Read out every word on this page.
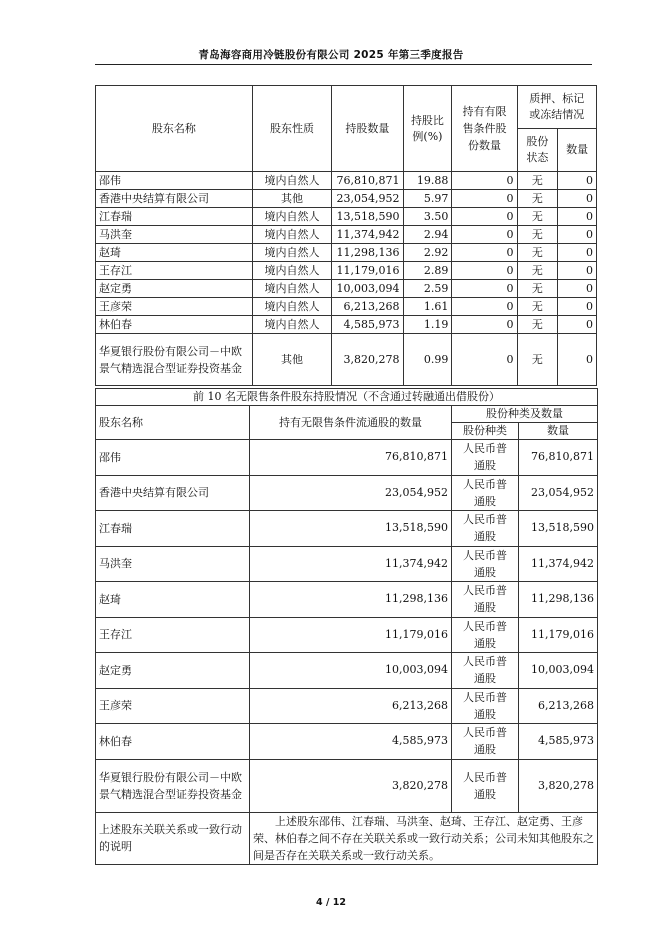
青岛海容商用冷链股份有限公司 2025 年第三季度报告
股东名称	股东性质	持股数量	持股比例(%)	持有有限售条件股份数量	质押、标记或冻结情况	
					股份状态	数量
邵伟	境内自然人	76,810,871	19.88	0	无	0
香港中央结算有限公司	其他	23,054,952	5.97	0	无	0
江春瑞	境内自然人	13,518,590	3.50	0	无	0
马洪奎	境内自然人	11,374,942	2.94	0	无	0
赵琦	境内自然人	11,298,136	2.92	0	无	0
王存江	境内自然人	11,179,016	2.89	0	无	0
赵定勇	境内自然人	10,003,094	2.59	0	无	0
王彦荣	境内自然人	6,213,268	1.61	0	无	0
林伯春	境内自然人	4,585,973	1.19	0	无	0
华夏银行股份有限公司－中欧景气精选混合型证券投资基金	其他	3,820,278	0.99	0	无	0
前 10 名无限售条件股东持股情况（不含通过转融通出借股份）			
股东名称	持有无限售条件流通股的数量	股份种类及数量	
		股份种类	数量
邵伟	76,810,871	人民币普通股	76,810,871
香港中央结算有限公司	23,054,952	人民币普通股	23,054,952
江春瑞	13,518,590	人民币普通股	13,518,590
马洪奎	11,374,942	人民币普通股	11,374,942
赵琦	11,298,136	人民币普通股	11,298,136
王存江	11,179,016	人民币普通股	11,179,016
赵定勇	10,003,094	人民币普通股	10,003,094
王彦荣	6,213,268	人民币普通股	6,213,268
林伯春	4,585,973	人民币普通股	4,585,973
华夏银行股份有限公司－中欧景气精选混合型证券投资基金	3,820,278	人民币普通股	3,820,278
上述股东关联关系或一致行动的说明	上述股东邵伟、江春瑞、马洪奎、赵琦、王存江、赵定勇、王彦荣、林伯春之间不存在关联关系或一致行动关系；公司未知其他股东之间是否存在关联关系或一致行动关系。		
4 / 12
